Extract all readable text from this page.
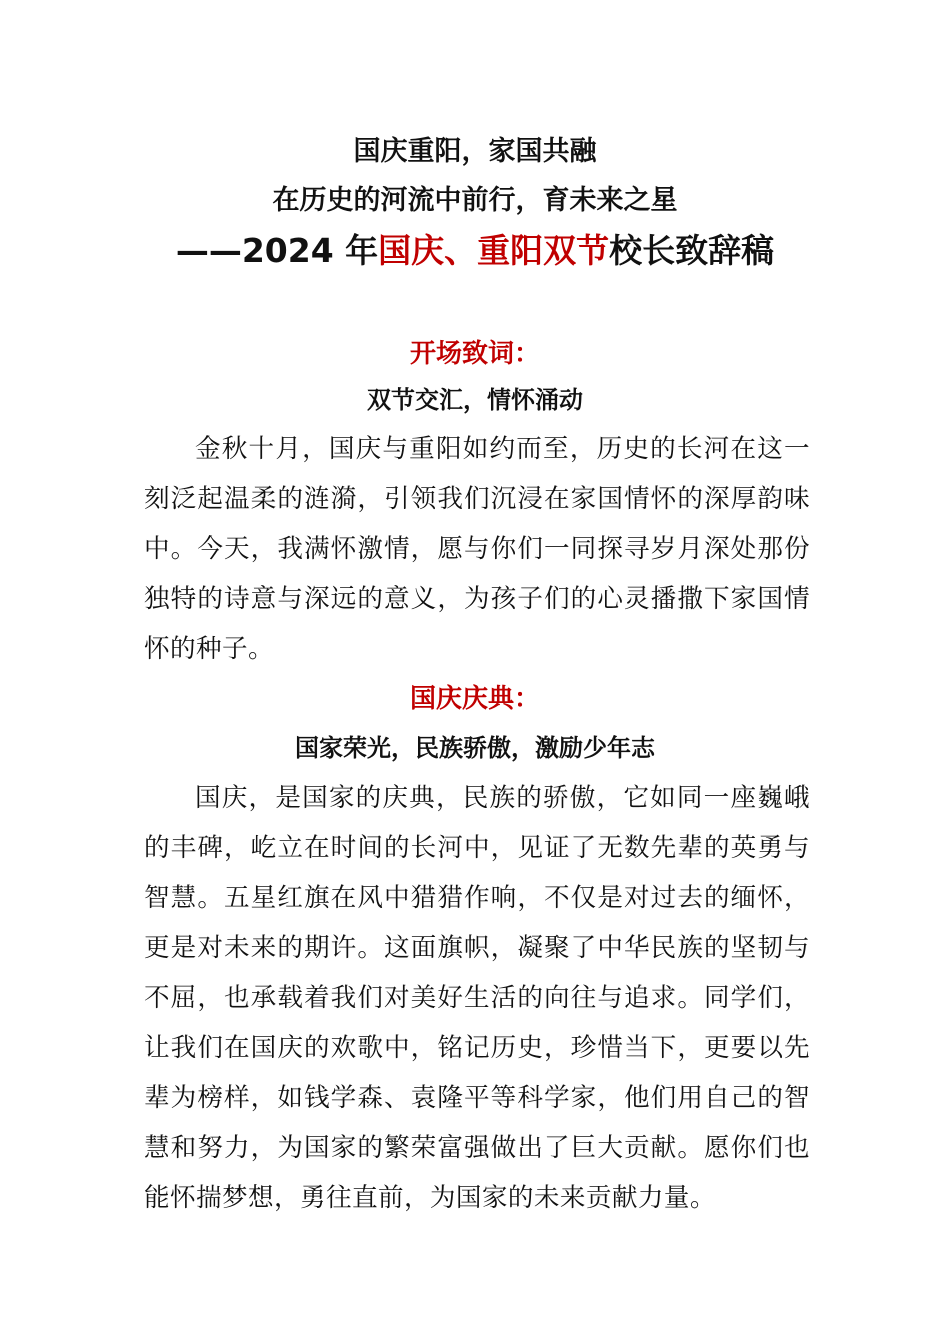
国庆重阳，家国共融
在历史的河流中前行，育未来之星
——2024 年国庆、重阳双节校长致辞稿
开场致词：
双节交汇，情怀涌动
金秋十月，国庆与重阳如约而至，历史的长河在这一刻泛起温柔的涟漪，引领我们沉浸在家国情怀的深厚韵味中。今天，我满怀激情，愿与你们一同探寻岁月深处那份独特的诗意与深远的意义，为孩子们的心灵播撒下家国情怀的种子。
国庆庆典：
国家荣光，民族骄傲，激励少年志
国庆，是国家的庆典，民族的骄傲，它如同一座巍峨的丰碑，屹立在时间的长河中，见证了无数先辈的英勇与智慧。五星红旗在风中猎猎作响，不仅是对过去的缅怀，更是对未来的期许。这面旗帜，凝聚了中华民族的坚韧与不屈，也承载着我们对美好生活的向往与追求。同学们，让我们在国庆的欢歌中，铭记历史，珍惜当下，更要以先辈为榜样，如钱学森、袁隆平等科学家，他们用自己的智慧和努力，为国家的繁荣富强做出了巨大贡献。愿你们也能怀揣梦想，勇往直前，为国家的未来贡献力量。
